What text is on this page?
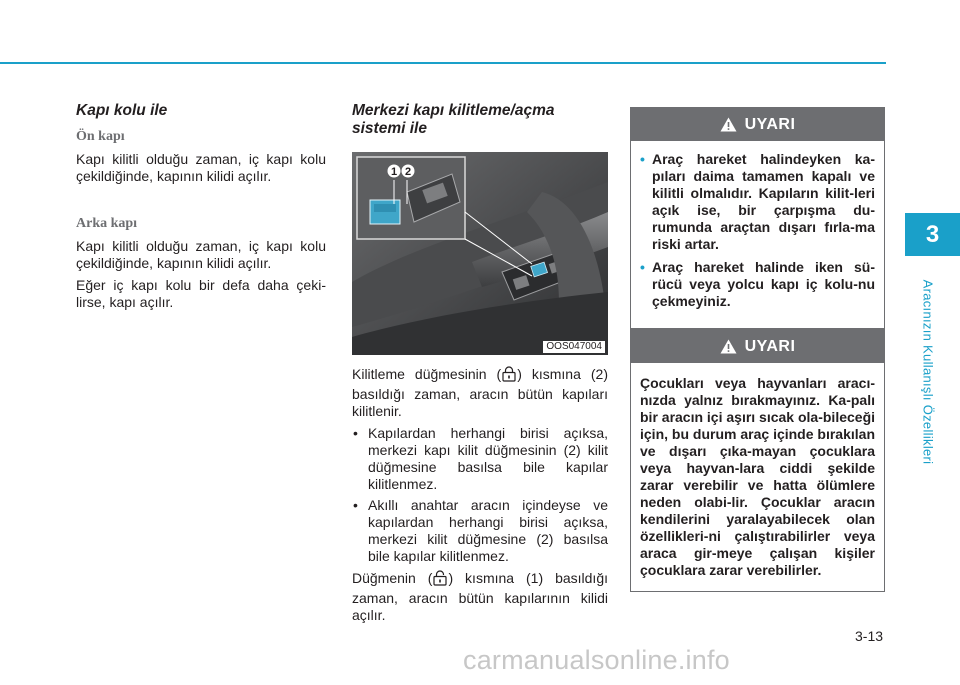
3
Aracınızın Kullanışlı Özellikleri
Kapı kolu ile
Ön kapı

Kapı kilitli olduğu zaman, iç kapı kolu çekildiğinde, kapının kilidi açılır.

Arka kapı

Kapı kilitli olduğu zaman, iç kapı kolu çekildiğinde, kapının kilidi açılır.

Eğer iç kapı kolu bir defa daha çeki-lirse, kapı açılır.

Merkezi kapı kilitleme/açma sistemi ile
1 2
OOS047004

Kilitleme düğmesinin ( ) kısmına (2) basıldığı zaman, aracın bütün kapıları kilitlenir.

• Kapılardan herhangi birisi açıksa, merkezi kapı kilit düğmesinin (2) kilit düğmesine basılsa bile kapılar kilitlenmez.
• Akıllı anahtar aracın içindeyse ve kapılardan herhangi birisi açıksa, merkezi kilit düğmesine (2) basılsa bile kapılar kilitlenmez.

Düğmenin ( ) kısmına (1) basıldığı zaman, aracın bütün kapılarının kilidi açılır.

UYARI
• Araç hareket halindeyken ka-pıları daima tamamen kapalı ve kilitli olmalıdır. Kapıların kilit-leri açık ise, bir çarpışma du-rumunda araçtan dışarı fırla-ma riski artar.
• Araç hareket halinde iken sü-rücü veya yolcu kapı iç kolu-nu çekmeyiniz.
UYARI

Çocukları veya hayvanları aracı-nızda yalnız bırakmayınız. Ka-palı bir aracın içi aşırı sıcak ola-bileceği için, bu durum araç içinde bırakılan ve dışarı çıka-mayan çocuklara veya hayvan-lara ciddi şekilde zarar verebilir ve hatta ölümlere neden olabi-lir. Çocuklar aracın kendilerini yaralayabilecek olan özellikleri-ni çalıştırabilirler veya araca gir-meye çalışan kişiler çocuklara zarar verebilirler.

3-13
carmanualsonline.info
